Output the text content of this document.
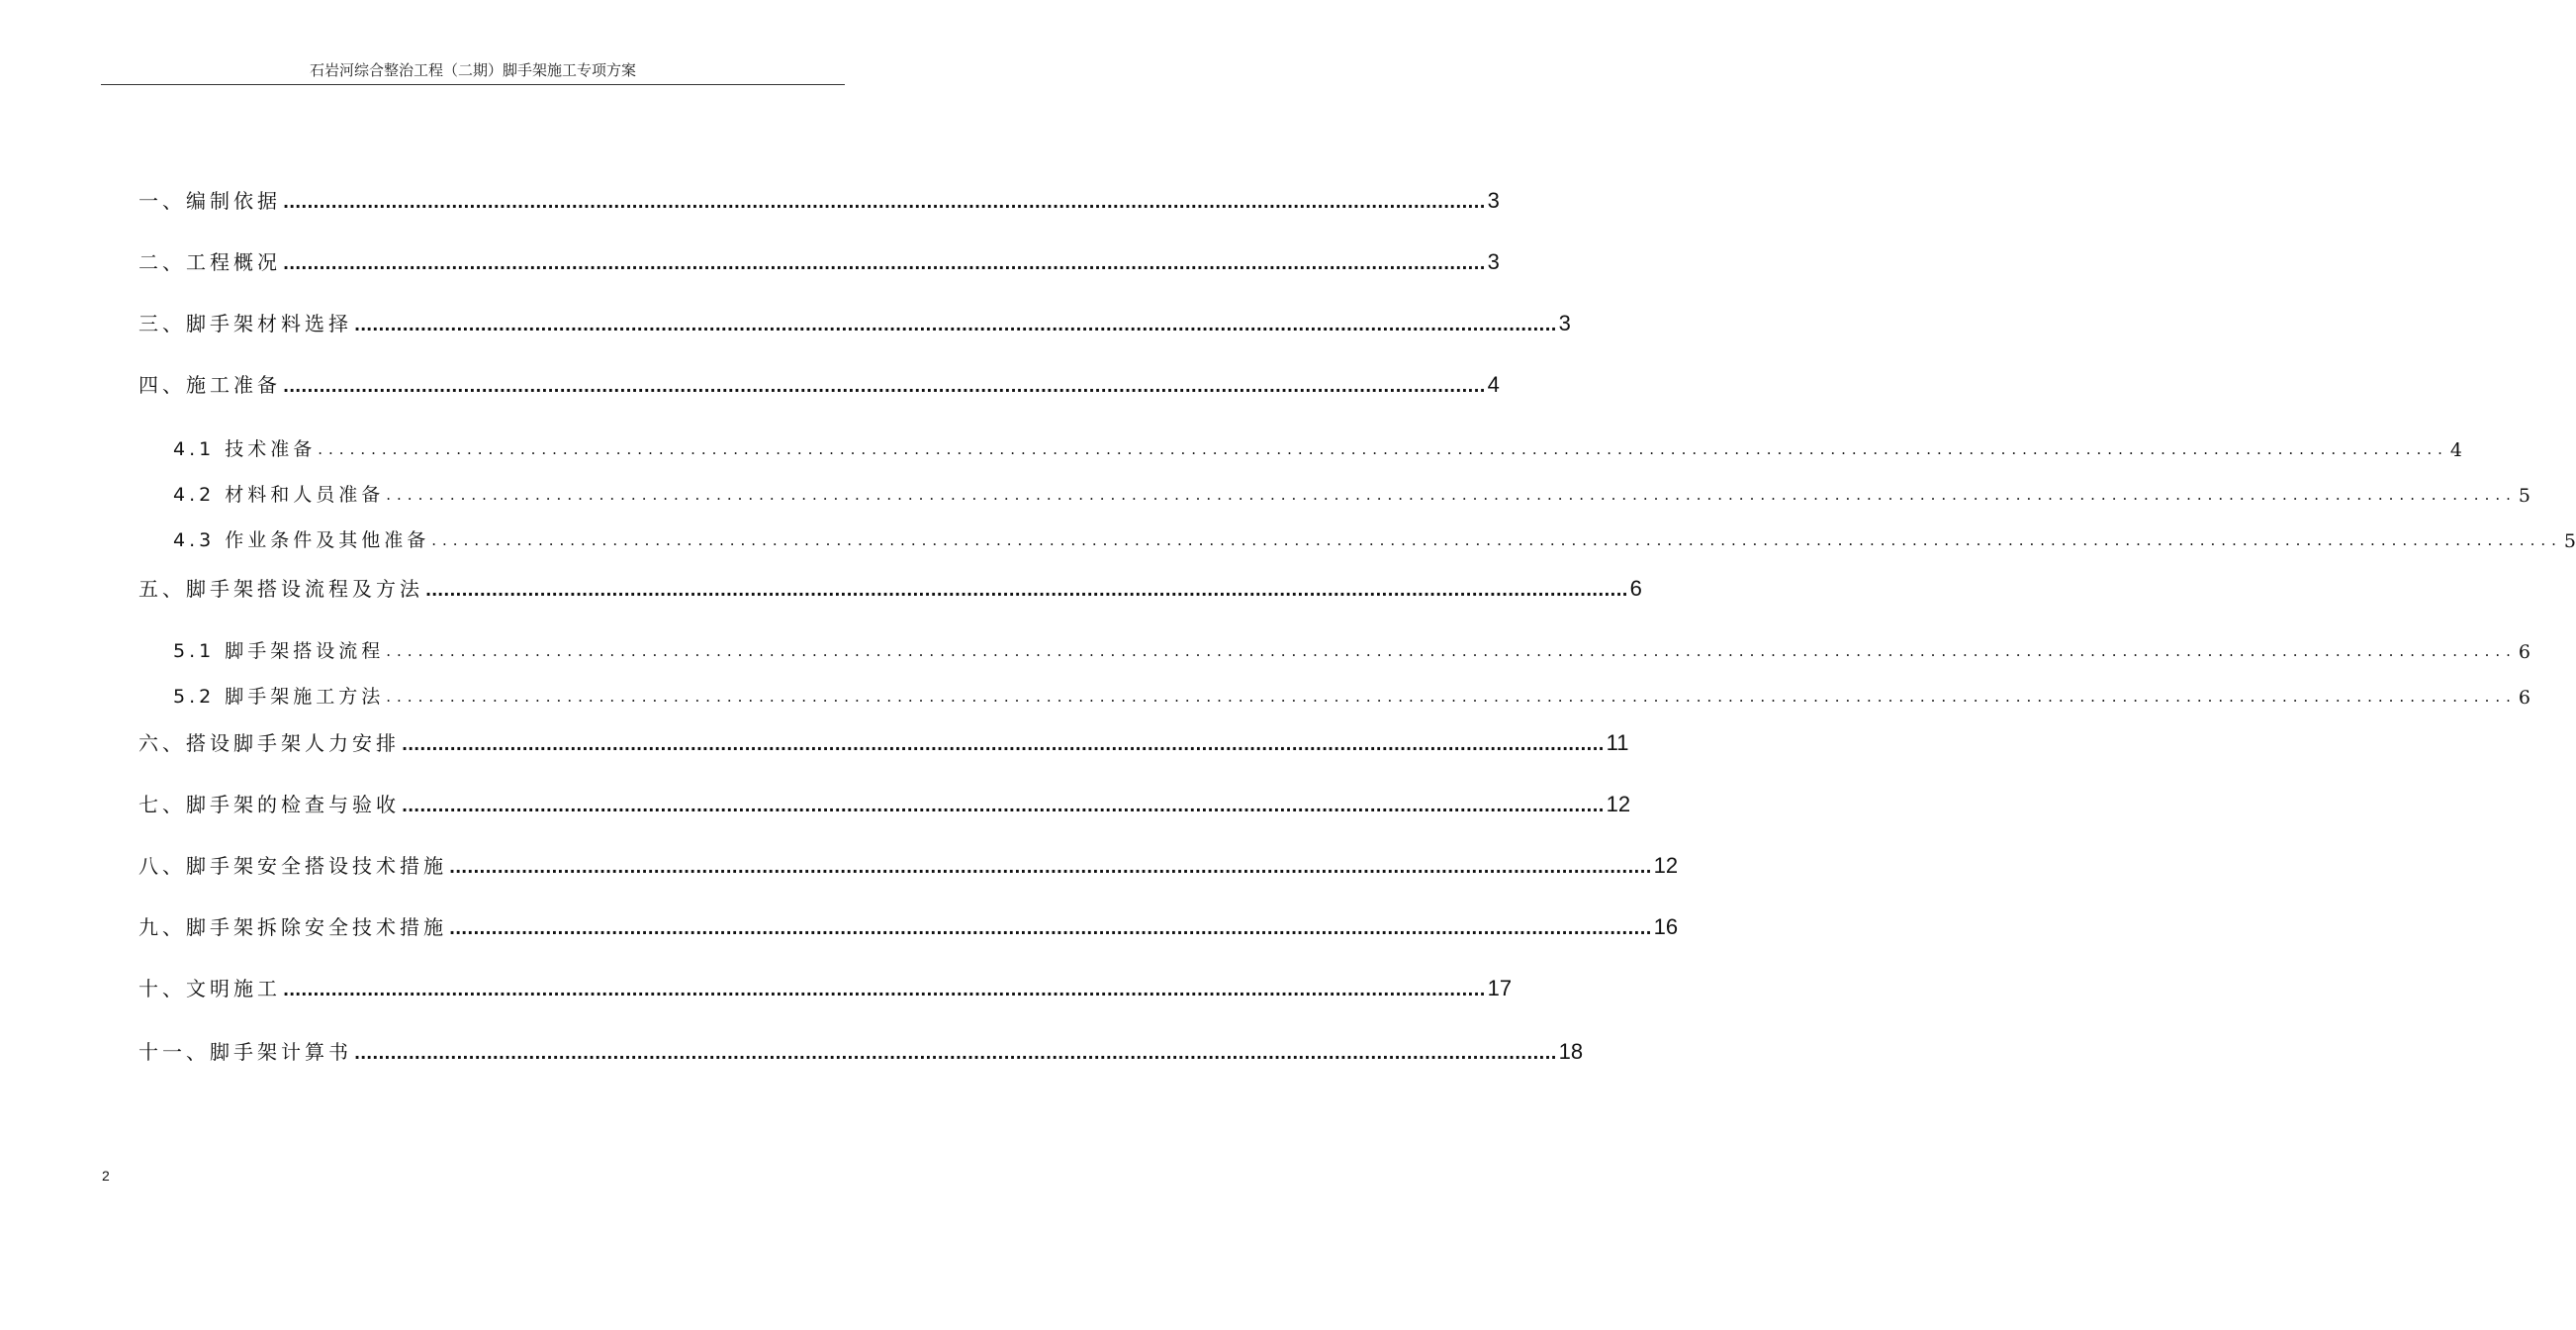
石岩河综合整治工程（二期）脚手架施工专项方案
一、编制依据 ........................................................................................................................................................................................................ 3
二、工程概况 ........................................................................................................................................................................................................ 3
三、脚手架材料选择 ........................................................................................................................................................................................................ 3
四、施工准备 ........................................................................................................................................................................................................ 4
4.1 技术准备 ........................................................................................................................................................................................................ 4
4.2 材料和人员准备 ........................................................................................................................................................................................................ 5
4.3 作业条件及其他准备 ........................................................................................................................................................................................................ 5
五、脚手架搭设流程及方法 ........................................................................................................................................................................................................ 6
5.1 脚手架搭设流程 ........................................................................................................................................................................................................ 6
5.2 脚手架施工方法 ........................................................................................................................................................................................................ 6
六、搭设脚手架人力安排 ........................................................................................................................................................................................................ 11
七、脚手架的检查与验收 ........................................................................................................................................................................................................ 12
八、脚手架安全搭设技术措施 ........................................................................................................................................................................................................ 12
九、脚手架拆除安全技术措施 ........................................................................................................................................................................................................ 16
十、文明施工 ........................................................................................................................................................................................................ 17
十一、脚手架计算书 ........................................................................................................................................................................................................ 18
2
